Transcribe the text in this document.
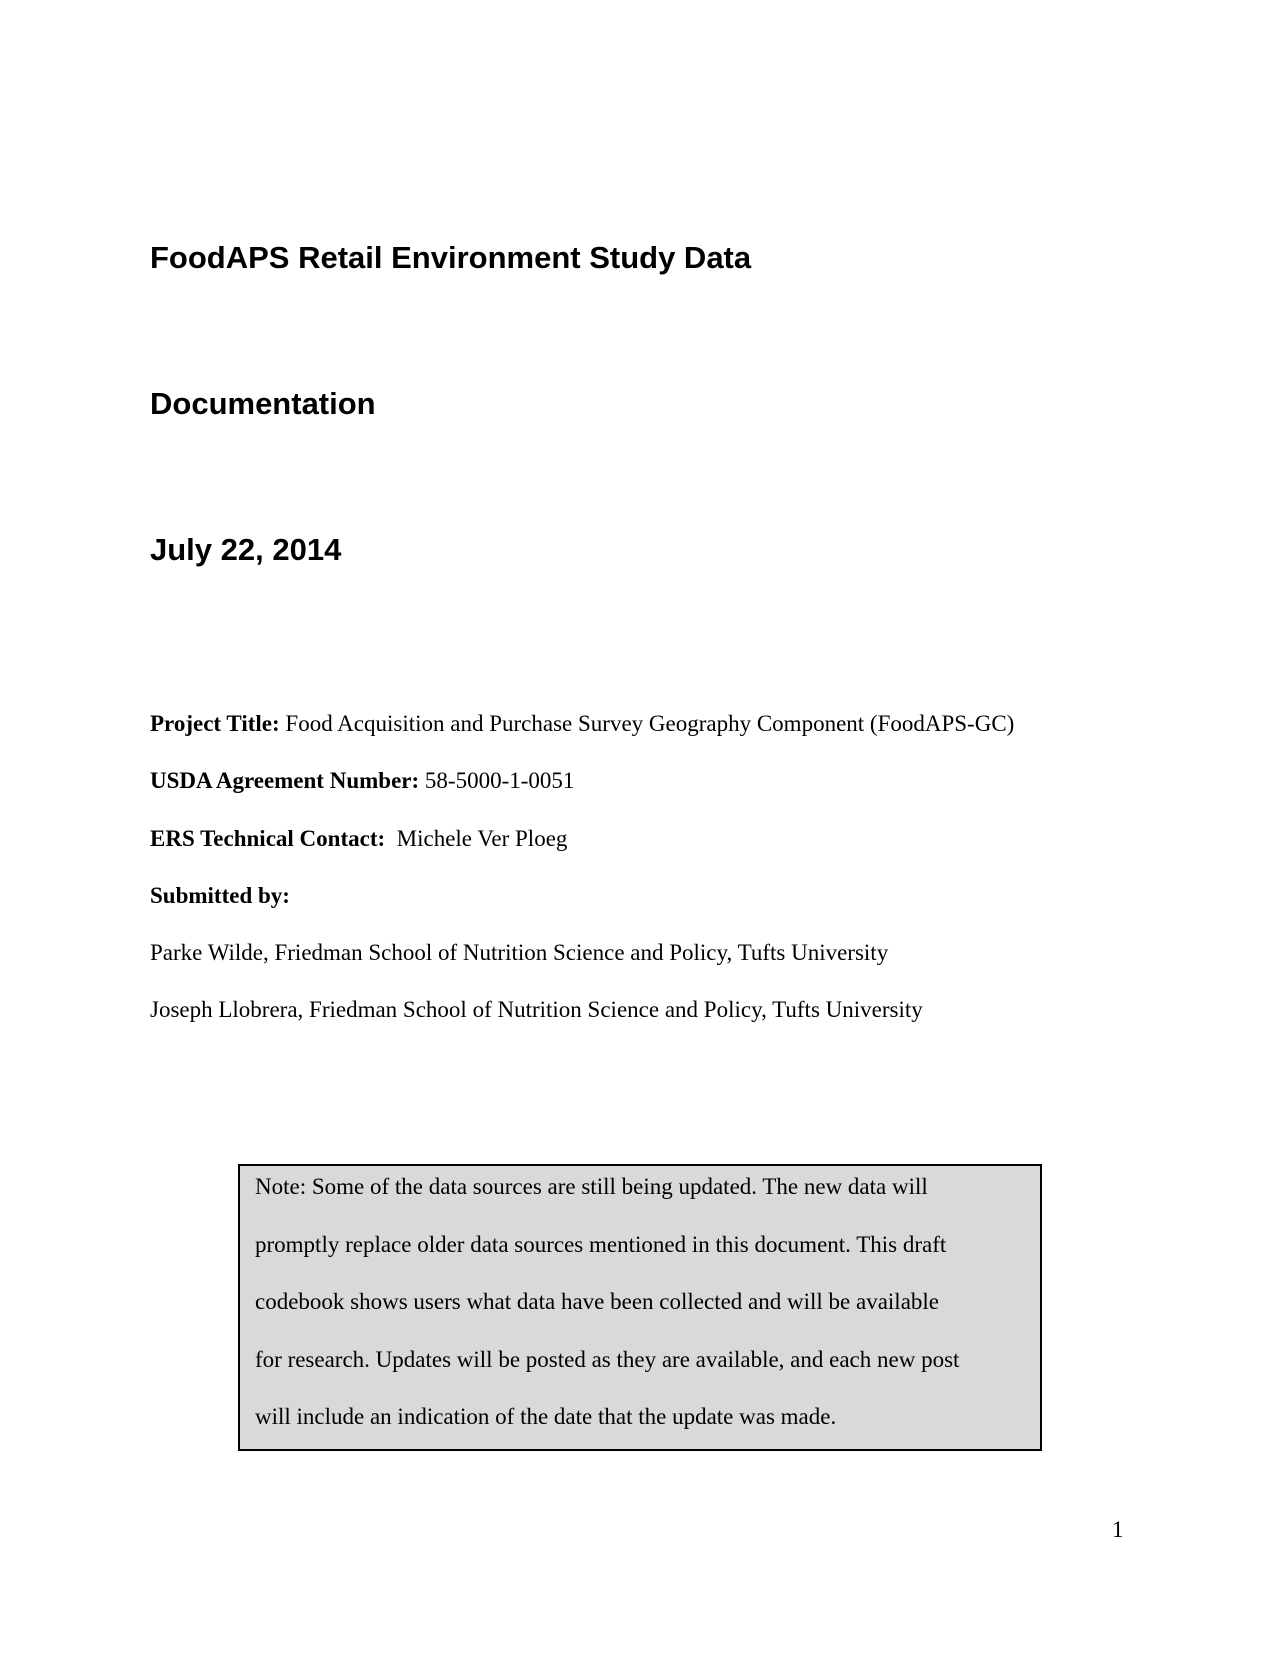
FoodAPS Retail Environment Study Data
Documentation
July 22, 2014

Project Title: Food Acquisition and Purchase Survey Geography Component (FoodAPS-GC)

USDA Agreement Number: 58-5000-1-0051

ERS Technical Contact: Michele Ver Ploeg

Submitted by:

Parke Wilde, Friedman School of Nutrition Science and Policy, Tufts University

Joseph Llobrera, Friedman School of Nutrition Science and Policy, Tufts University

Note: Some of the data sources are still being updated. The new data will

promptly replace older data sources mentioned in this document. This draft

codebook shows users what data have been collected and will be available

for research. Updates will be posted as they are available, and each new post

will include an indication of the date that the update was made.

1
